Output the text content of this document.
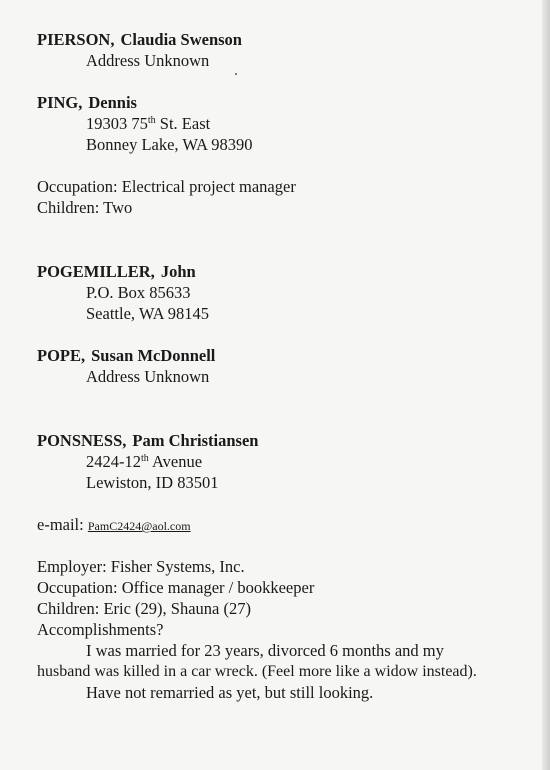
PIERSON, Claudia Swenson
Address Unknown
PING, Dennis
19303 75th St. East
Bonney Lake, WA 98390
Occupation: Electrical project manager
Children: Two
POGEMILLER, John
P.O. Box 85633
Seattle, WA 98145
POPE, Susan McDonnell
Address Unknown
PONSNESS, Pam Christiansen
2424-12th Avenue
Lewiston, ID 83501
e-mail: PamC2424@aol.com
Employer: Fisher Systems, Inc.
Occupation: Office manager / bookkeeper
Children: Eric (29), Shauna (27)
Accomplishments?
I was married for 23 years, divorced 6 months and my
husband was killed in a car wreck. (Feel more like a widow instead).
Have not remarried as yet, but still looking.
